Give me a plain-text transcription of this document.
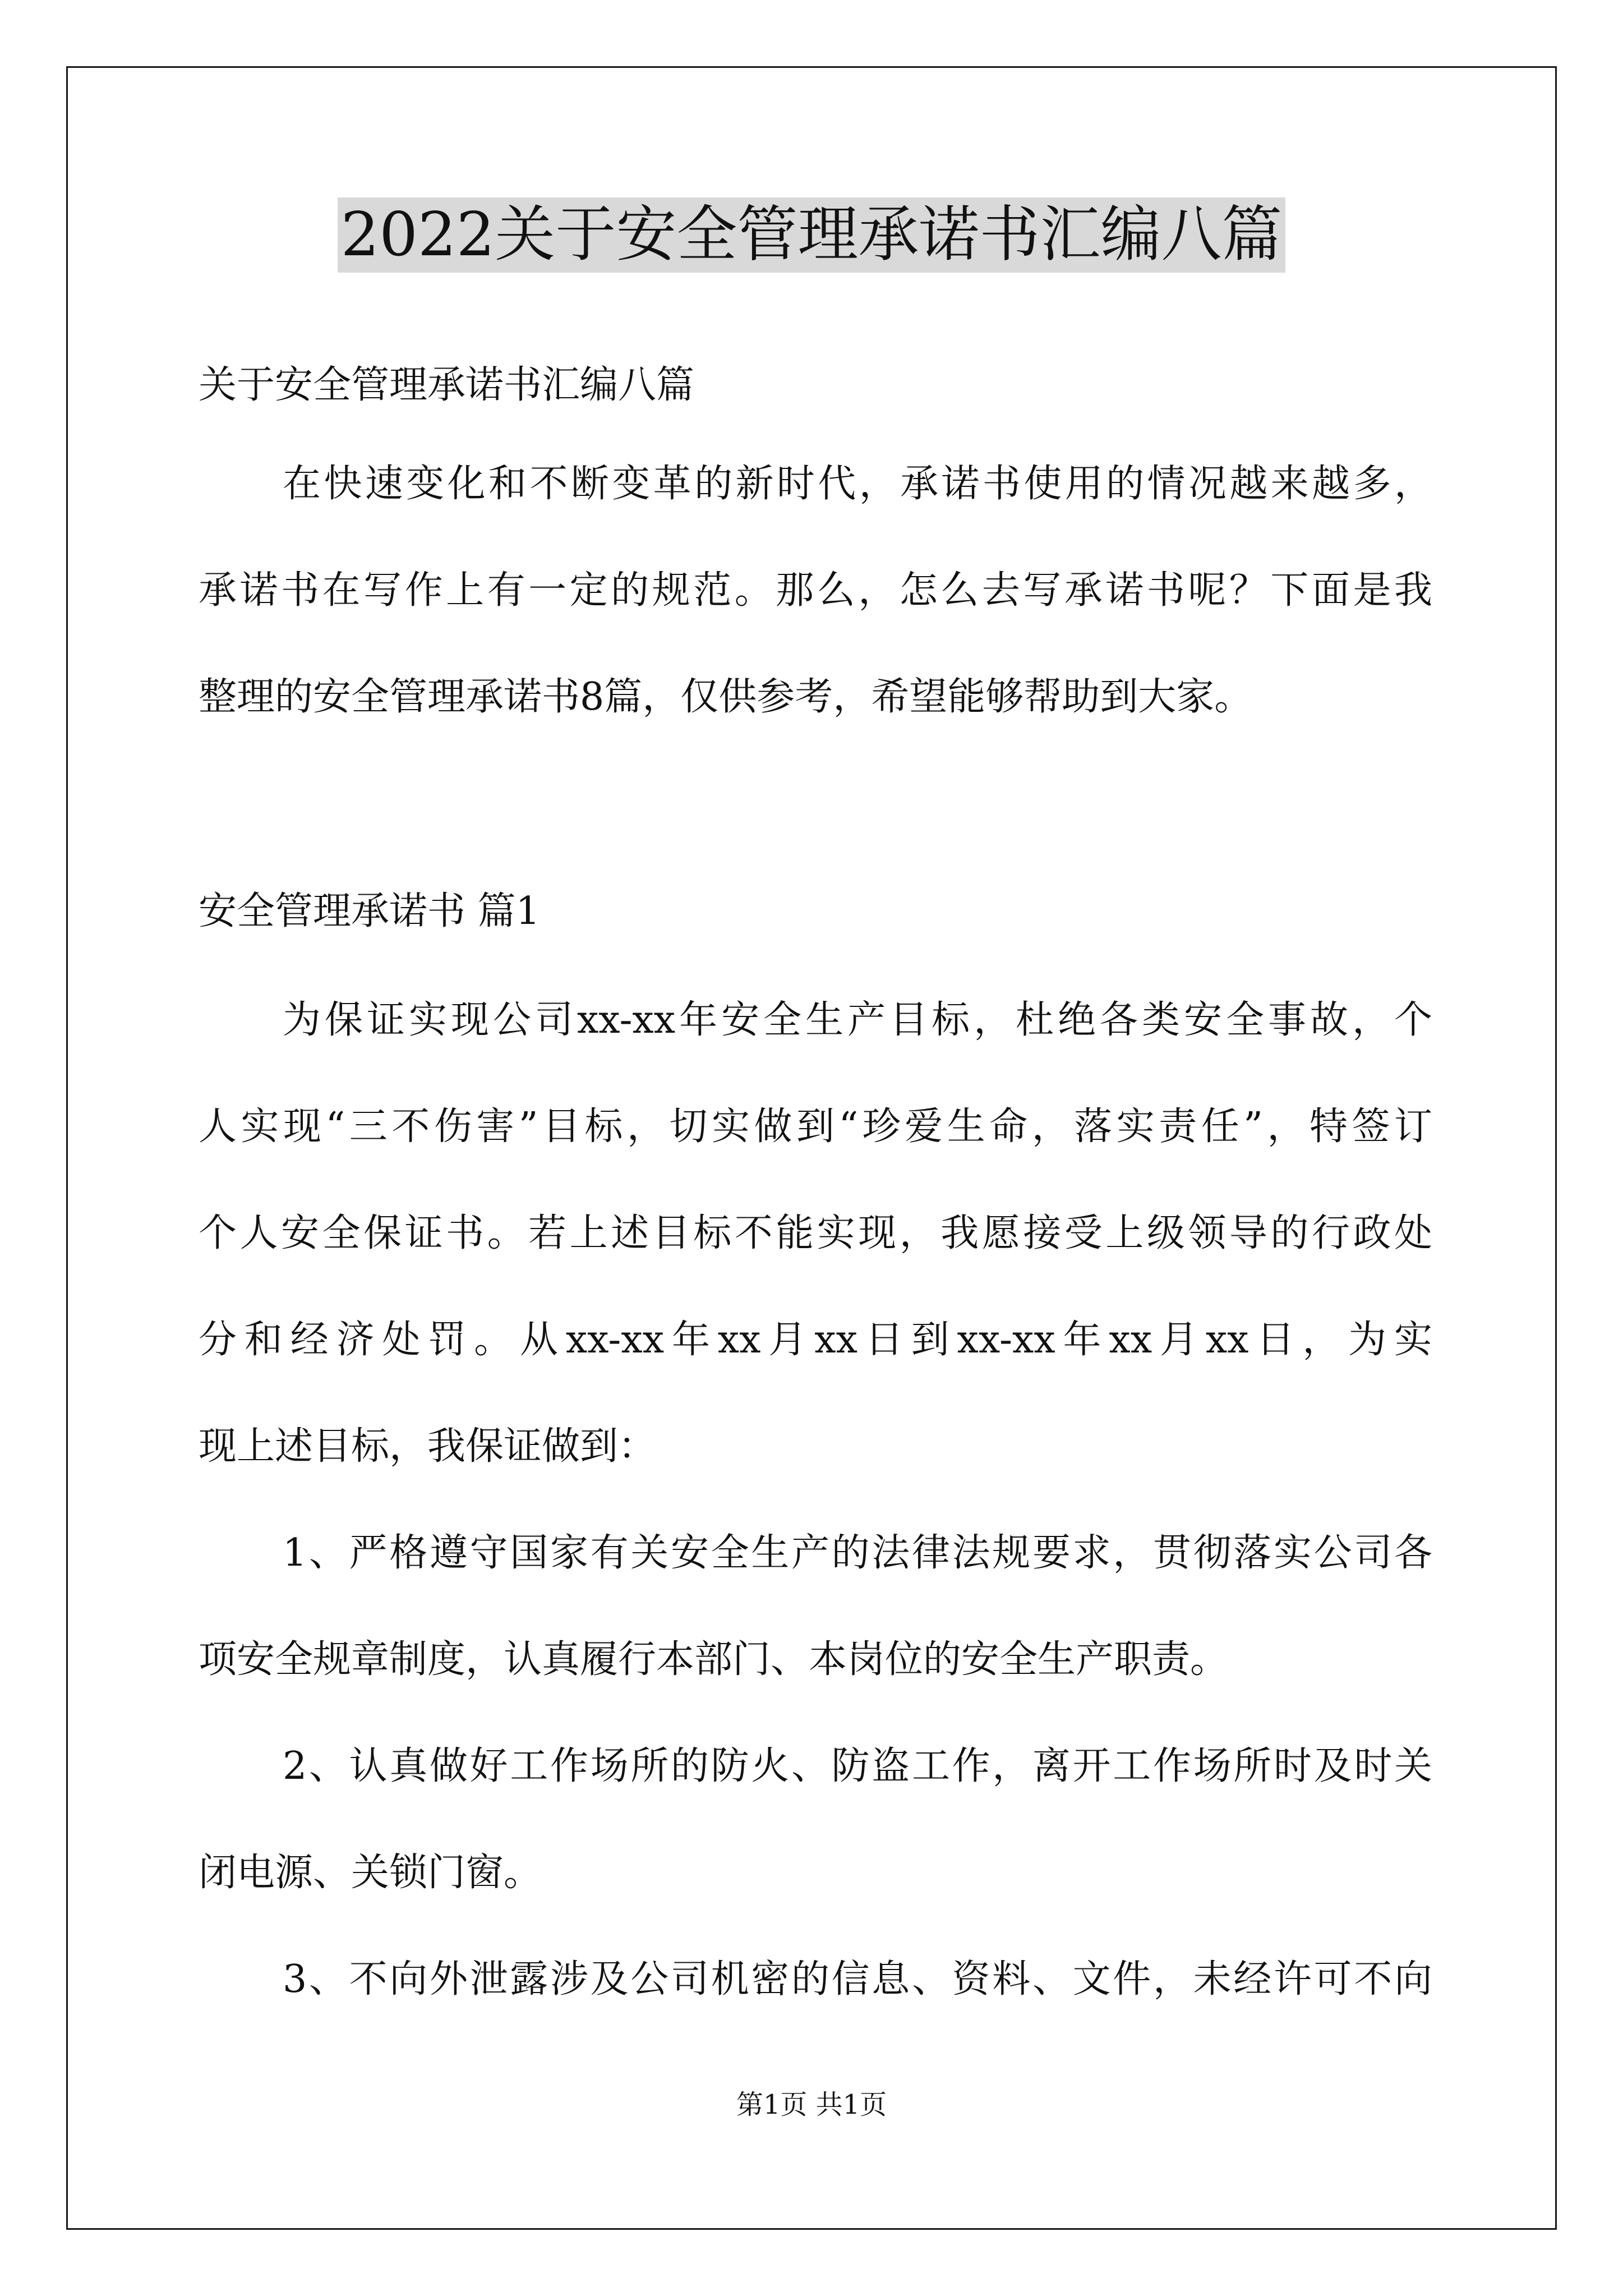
2022关于安全管理承诺书汇编八篇
关于安全管理承诺书汇编八篇
在快速变化和不断变革的新时代，承诺书使用的情况越来越多，
承诺书在写作上有一定的规范。那么，怎么去写承诺书呢？下面是我
整理的安全管理承诺书8篇，仅供参考，希望能够帮助到大家。
安全管理承诺书 篇1
为保证实现公司xx-xx年安全生产目标，杜绝各类安全事故，个
人实现“三不伤害”目标，切实做到“珍爱生命，落实责任”，特签订
个人安全保证书。若上述目标不能实现，我愿接受上级领导的行政处
分和经济处罚。从xx-xx年xx月xx日到xx-xx年xx月xx日，为实
现上述目标，我保证做到：
1、严格遵守国家有关安全生产的法律法规要求，贯彻落实公司各
项安全规章制度，认真履行本部门、本岗位的安全生产职责。
2、认真做好工作场所的防火、防盗工作，离开工作场所时及时关
闭电源、关锁门窗。
3、不向外泄露涉及公司机密的信息、资料、文件，未经许可不向
第1页 共1页
